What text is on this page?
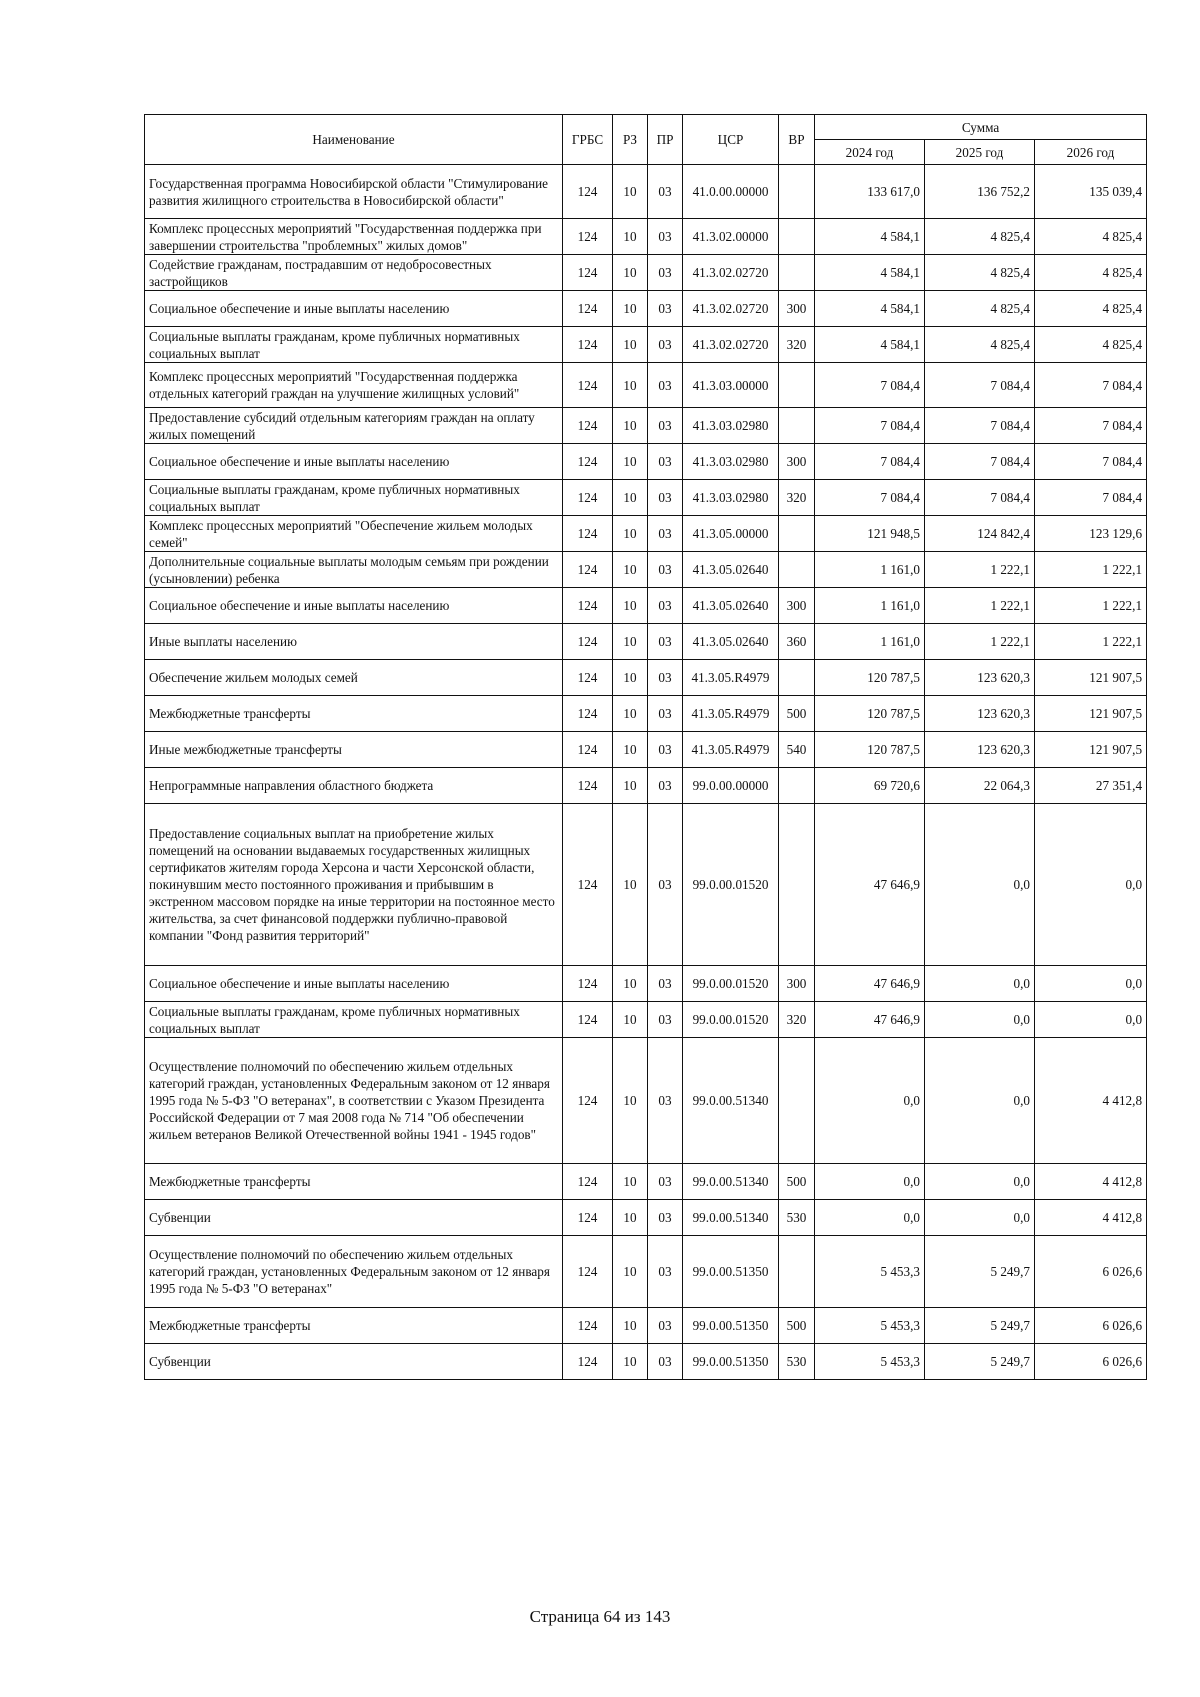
Наименование	ГРБС	РЗ	ПР	ЦСР	ВР	Сумма		
						2024 год	2025 год	2026 год
Государственная программа Новосибирской области "Стимулирование развития жилищного строительства в Новосибирской области"	124	10	03	41.0.00.00000		133 617,0	136 752,2	135 039,4
Комплекс процессных мероприятий "Государственная поддержка при завершении строительства "проблемных" жилых домов"	124	10	03	41.3.02.00000		4 584,1	4 825,4	4 825,4
Содействие гражданам, пострадавшим от недобросовестных застройщиков	124	10	03	41.3.02.02720		4 584,1	4 825,4	4 825,4
Социальное обеспечение и иные выплаты населению	124	10	03	41.3.02.02720	300	4 584,1	4 825,4	4 825,4
Социальные выплаты гражданам, кроме публичных нормативных социальных выплат	124	10	03	41.3.02.02720	320	4 584,1	4 825,4	4 825,4
Комплекс процессных мероприятий "Государственная поддержка отдельных категорий граждан на улучшение жилищных условий"	124	10	03	41.3.03.00000		7 084,4	7 084,4	7 084,4
Предоставление субсидий отдельным категориям граждан на оплату жилых помещений	124	10	03	41.3.03.02980		7 084,4	7 084,4	7 084,4
Социальное обеспечение и иные выплаты населению	124	10	03	41.3.03.02980	300	7 084,4	7 084,4	7 084,4
Социальные выплаты гражданам, кроме публичных нормативных социальных выплат	124	10	03	41.3.03.02980	320	7 084,4	7 084,4	7 084,4
Комплекс процессных мероприятий "Обеспечение жильем молодых семей"	124	10	03	41.3.05.00000		121 948,5	124 842,4	123 129,6
Дополнительные социальные выплаты молодым семьям при рождении (усыновлении) ребенка	124	10	03	41.3.05.02640		1 161,0	1 222,1	1 222,1
Социальное обеспечение и иные выплаты населению	124	10	03	41.3.05.02640	300	1 161,0	1 222,1	1 222,1
Иные выплаты населению	124	10	03	41.3.05.02640	360	1 161,0	1 222,1	1 222,1
Обеспечение жильем молодых семей	124	10	03	41.3.05.R4979		120 787,5	123 620,3	121 907,5
Межбюджетные трансферты	124	10	03	41.3.05.R4979	500	120 787,5	123 620,3	121 907,5
Иные межбюджетные трансферты	124	10	03	41.3.05.R4979	540	120 787,5	123 620,3	121 907,5
Непрограммные направления областного бюджета	124	10	03	99.0.00.00000		69 720,6	22 064,3	27 351,4
Предоставление социальных выплат на приобретение жилых помещений на основании выдаваемых государственных жилищных сертификатов жителям города Херсона и части Херсонской области, покинувшим место постоянного проживания и прибывшим в экстренном массовом порядке на иные территории на постоянное место жительства, за счет финансовой поддержки публично-правовой компании "Фонд развития территорий"	124	10	03	99.0.00.01520		47 646,9	0,0	0,0
Социальное обеспечение и иные выплаты населению	124	10	03	99.0.00.01520	300	47 646,9	0,0	0,0
Социальные выплаты гражданам, кроме публичных нормативных социальных выплат	124	10	03	99.0.00.01520	320	47 646,9	0,0	0,0
Осуществление полномочий по обеспечению жильем отдельных категорий граждан, установленных Федеральным законом от 12 января 1995 года № 5-ФЗ "О ветеранах", в соответствии с Указом Президента Российской Федерации от 7 мая 2008 года № 714 "Об обеспечении жильем ветеранов Великой Отечественной войны 1941 - 1945 годов"	124	10	03	99.0.00.51340		0,0	0,0	4 412,8
Межбюджетные трансферты	124	10	03	99.0.00.51340	500	0,0	0,0	4 412,8
Субвенции	124	10	03	99.0.00.51340	530	0,0	0,0	4 412,8
Осуществление полномочий по обеспечению жильем отдельных категорий граждан, установленных Федеральным законом от 12 января 1995 года № 5-ФЗ "О ветеранах"	124	10	03	99.0.00.51350		5 453,3	5 249,7	6 026,6
Межбюджетные трансферты	124	10	03	99.0.00.51350	500	5 453,3	5 249,7	6 026,6
Субвенции	124	10	03	99.0.00.51350	530	5 453,3	5 249,7	6 026,6
Страница 64 из 143
